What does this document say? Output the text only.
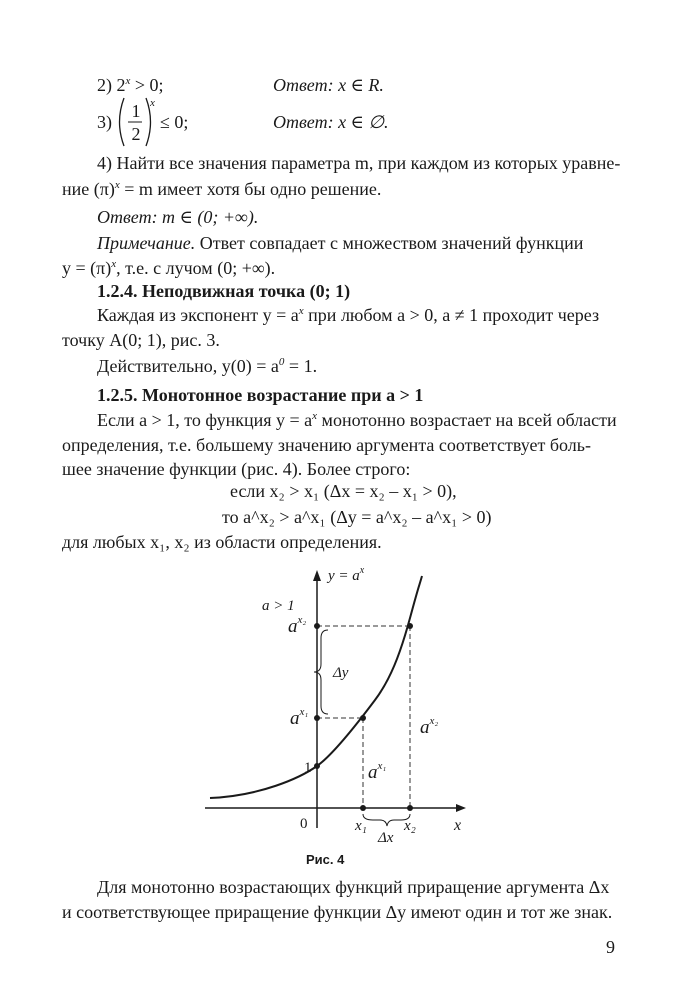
2) $2^x > 0$;	Ответ: x ∈ R.
3)
1
2
x
≤ 0;	Ответ: x ∈ ∅.
4) Найти все значения параметра m, при каждом из которых уравне-
ние $(\pi)^x = m$ имеет хотя бы одно решение.
Ответ: m ∈ (0; +∞).
Примечание. Ответ совпадает с множеством значений функции
$y = (\pi)^x$, т.е. с лучом (0; +∞).
1.2.4. Неподвижная точка (0; 1)
Каждая из экспонент $y = a^x$ при любом a > 0, a ≠ 1 проходит через
точку A(0; 1), рис. 3.
Действительно, $y(0) = a^0 = 1$.
1.2.5. Монотонное возрастание при a > 1
Если a > 1, то функция $y = a^x$ монотонно возрастает на всей области
определения, т.е. большему значению аргумента соответствует боль-
шее значение функции (рис. 4). Более строго:
если x₂ > x₁ (Δx = x₂ – x₁ > 0),
то a^x₂ > a^x₁ (Δy = a^x₂ – a^x₁ > 0)
для любых x₁, x₂ из области определения.
$y = a^x$
a > 1
$a^{x_2}$
$a^{x_1}$
Δy
1
0	x₁ x₂ x
Δx
$a^{x_1}$
$a^{x_2}$
Рис. 4
Для монотонно возрастающих функций приращение аргумента Δx
и соответствующее приращение функции Δy имеют один и тот же знак.
9
